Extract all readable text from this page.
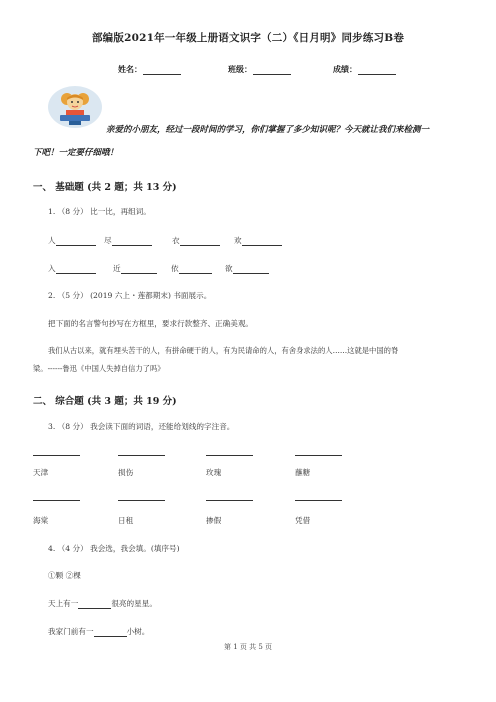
部编版2021年一年级上册语文识字（二）《日月明》同步练习B卷
姓名：	班级：	成绩：
亲爱的小朋友，经过一段时间的学习，你们掌握了多少知识呢？今天就让我们来检测一
下吧！一定要仔细哦！
一、 基础题 (共 2 题；共 13 分)
1. （8 分） 比一比，再组词。
人	尽	衣	欢
入	近	依	欲
2. （5 分） (2019 六上・莲都期末) 书面展示。
把下面的名言警句抄写在方框里，要求行款整齐、正确美观。
我们从古以来，就有埋头苦干的人，有拼命硬干的人，有为民请命的人，有舍身求法的人……这就是中国的脊
梁。------鲁迅《中国人失掉自信力了吗》
二、 综合题 (共 3 题；共 19 分)
3. （8 分） 我会读下面的词语，还能给划线的字注音。
天津	损伤	玫瑰	蘸糖
海棠	日租	掺假	凭借
4. （4 分） 我会选，我会填。(填序号)
①颗 ②棵
天上有一	很亮的星星。
我家门前有一	小树。
第 1 页 共 5 页
